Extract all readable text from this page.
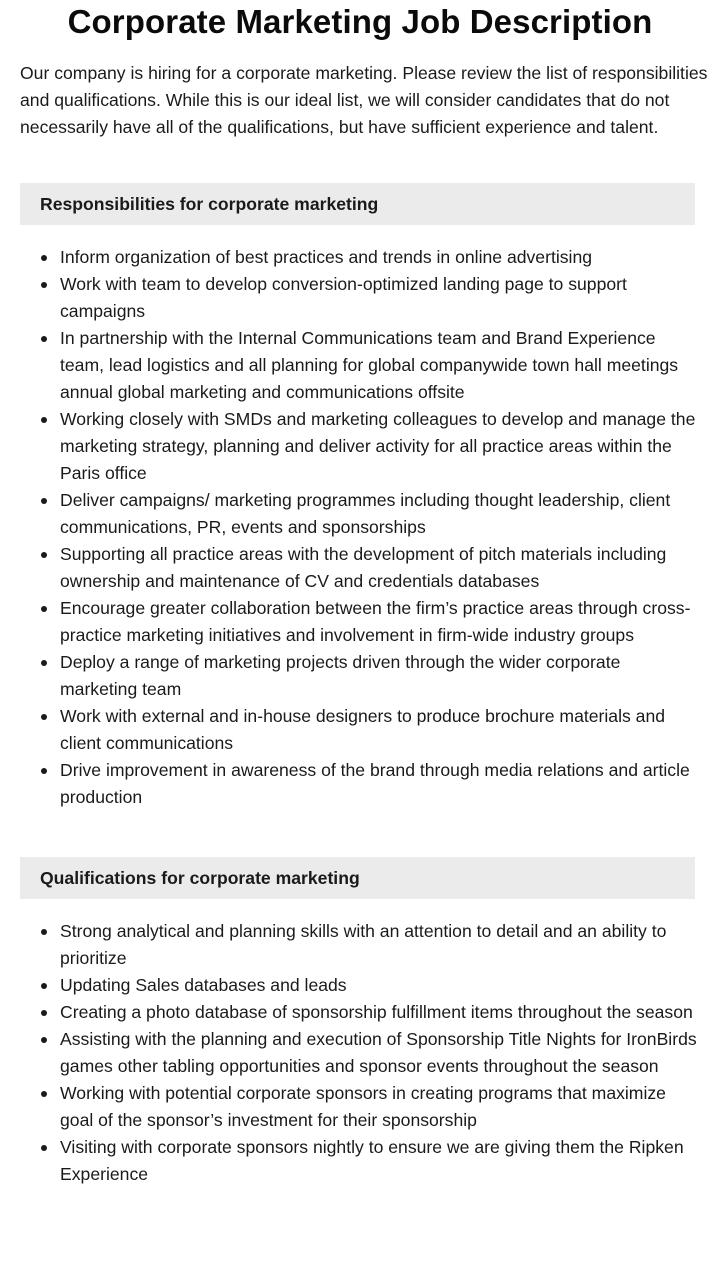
Corporate Marketing Job Description

Our company is hiring for a corporate marketing. Please review the list of responsibilities and qualifications. While this is our ideal list, we will consider candidates that do not necessarily have all of the qualifications, but have sufficient experience and talent.

Responsibilities for corporate marketing
Inform organization of best practices and trends in online advertising
Work with team to develop conversion-optimized landing page to support campaigns
In partnership with the Internal Communications team and Brand Experience team, lead logistics and all planning for global companywide town hall meetings annual global marketing and communications offsite
Working closely with SMDs and marketing colleagues to develop and manage the marketing strategy, planning and deliver activity for all practice areas within the Paris office
Deliver campaigns/ marketing programmes including thought leadership, client communications, PR, events and sponsorships
Supporting all practice areas with the development of pitch materials including ownership and maintenance of CV and credentials databases
Encourage greater collaboration between the firm’s practice areas through cross-practice marketing initiatives and involvement in firm-wide industry groups
Deploy a range of marketing projects driven through the wider corporate marketing team
Work with external and in-house designers to produce brochure materials and client communications
Drive improvement in awareness of the brand through media relations and article production
Qualifications for corporate marketing
Strong analytical and planning skills with an attention to detail and an ability to prioritize
Updating Sales databases and leads
Creating a photo database of sponsorship fulfillment items throughout the season
Assisting with the planning and execution of Sponsorship Title Nights for IronBirds games other tabling opportunities and sponsor events throughout the season
Working with potential corporate sponsors in creating programs that maximize goal of the sponsor’s investment for their sponsorship
Visiting with corporate sponsors nightly to ensure we are giving them the Ripken Experience
